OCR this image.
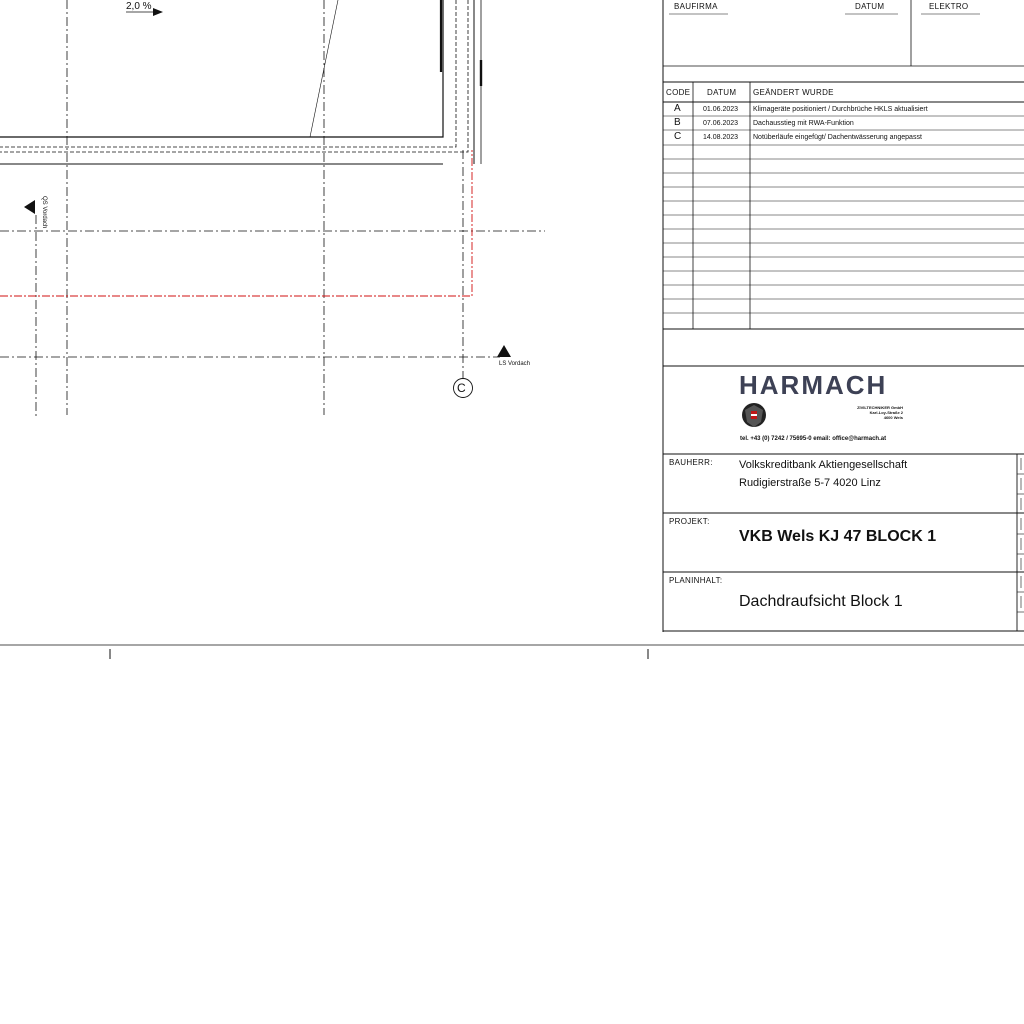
2,0 %
QS Vordach
LS Vordach
C
BAUFIRMA	DATUM	ELEKTRO
CODE DATUM GEÄNDERT WURDE
A	01.06.2023 Klimageräte positioniert / Durchbrüche HKLS aktualisiert
B	07.06.2023 Dachausstieg mit RWA-Funktion
C	14.08.2023 Notüberläufe eingefügt/ Dachentwässerung angepasst
HARMACH
ZIVILTECHNIKER GmbH
Karl-Loy-Straße 2
4600 Wels
tel. +43 (0) 7242 / 75695-0 email: office@harmach.at
BAUHERR: Volkskreditbank Aktiengesellschaft
Rudigierstraße 5-7 4020 Linz
PROJEKT:
VKB Wels KJ 47 BLOCK 1
PLANINHALT:
Dachdraufsicht Block 1
